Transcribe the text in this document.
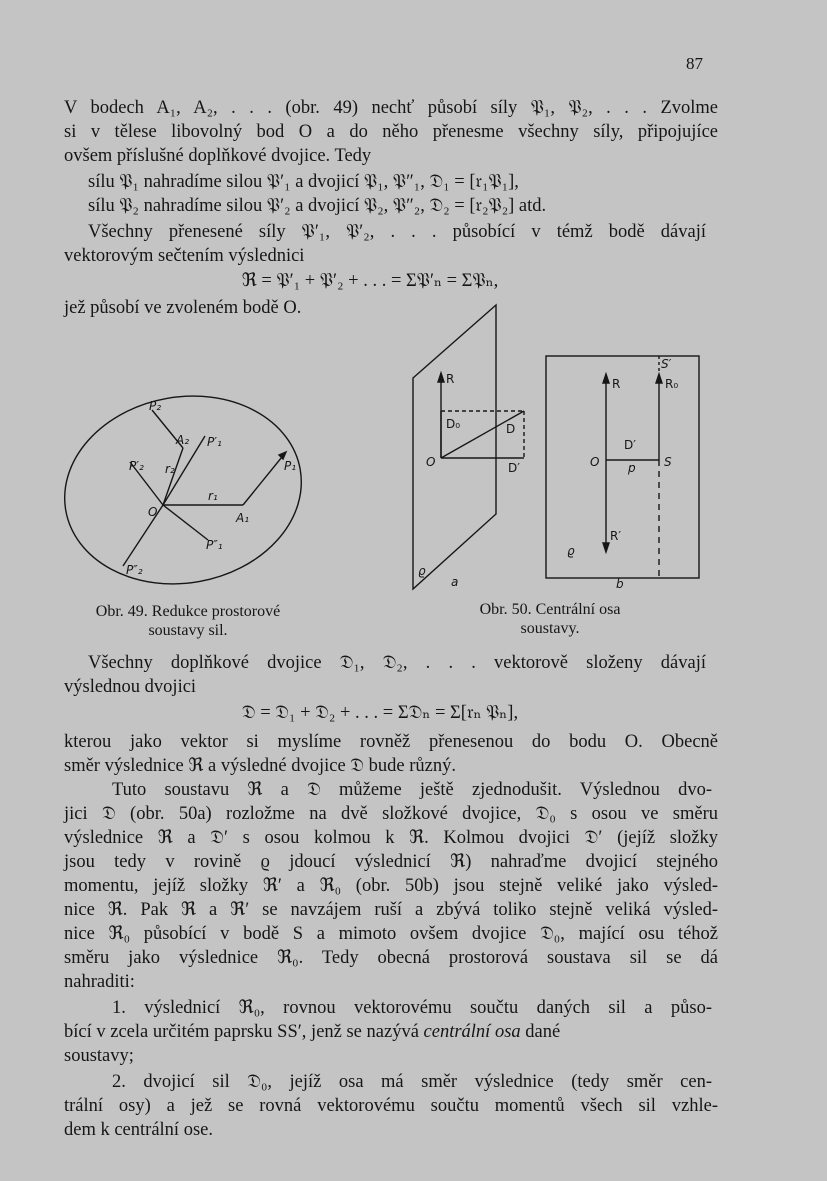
87
V bodech A₁, A₂, . . . (obr. 49) nechť působí síly 𝔓₁, 𝔓₂, . . . Zvolme
si v tělese libovolný bod O a do něho přenesme všechny síly, připojujíce
ovšem příslušné doplňkové dvojice. Tedy
sílu 𝔓₁ nahradíme silou 𝔓′₁ a dvojicí 𝔓₁, 𝔓″₁, 𝔇₁ = [𝔯₁𝔓₁],
sílu 𝔓₂ nahradíme silou 𝔓′₂ a dvojicí 𝔓₂, 𝔓″₂, 𝔇₂ = [𝔯₂𝔓₂] atd.
Všechny přenesené síly 𝔓′₁, 𝔓′₂, . . . působící v témž bodě dávají
vektorovým sečtením výslednici
ℜ = 𝔓′₁ + 𝔓′₂ + . . . = Σ𝔓′ₙ = Σ𝔓ₙ,
jež působí ve zvoleném bodě O.
O	A₁
A₂
r₁
r₂	P₁
P₂
P′₁
P″₁
P′₂
P″₂
R
D₀	D
O	D′
ϱ
a
S′
R	R₀
O
D′
p S
R′
ϱ
b
Obr. 49. Redukce prostorové
soustavy sil.
Obr. 50. Centrální osa
soustavy.
Všechny doplňkové dvojice 𝔇₁, 𝔇₂, . . . vektorově složeny dávají
výslednou dvojici
𝔇 = 𝔇₁ + 𝔇₂ + . . . = Σ𝔇ₙ = Σ[𝔯ₙ 𝔓ₙ],
kterou jako vektor si myslíme rovněž přenesenou do bodu O. Obecně
směr výslednice ℜ a výsledné dvojice 𝔇 bude různý.
Tuto soustavu ℜ a 𝔇 můžeme ještě zjednodušit. Výslednou dvo-
jici 𝔇 (obr. 50a) rozložme na dvě složkové dvojice, 𝔇₀ s osou ve směru
výslednice ℜ a 𝔇′ s osou kolmou k ℜ. Kolmou dvojici 𝔇′ (jejíž složky
jsou tedy v rovině ϱ jdoucí výslednicí ℜ) nahraďme dvojicí stejného
momentu, jejíž složky ℜ′ a ℜ₀ (obr. 50b) jsou stejně veliké jako výsled-
nice ℜ. Pak ℜ a ℜ′ se navzájem ruší a zbývá toliko stejně veliká výsled-
nice ℜ₀ působící v bodě S a mimoto ovšem dvojice 𝔇₀, mající osu téhož
směru jako výslednice ℜ₀. Tedy obecná prostorová soustava sil se dá
nahraditi:
1. výslednicí ℜ₀, rovnou vektorovému součtu daných sil a půso-
bící v zcela určitém paprsku SS′, jenž se nazývá centrální osa dané
soustavy;
2. dvojicí sil 𝔇₀, jejíž osa má směr výslednice (tedy směr cen-
trální osy) a jež se rovná vektorovému součtu momentů všech sil vzhle-
dem k centrální ose.
